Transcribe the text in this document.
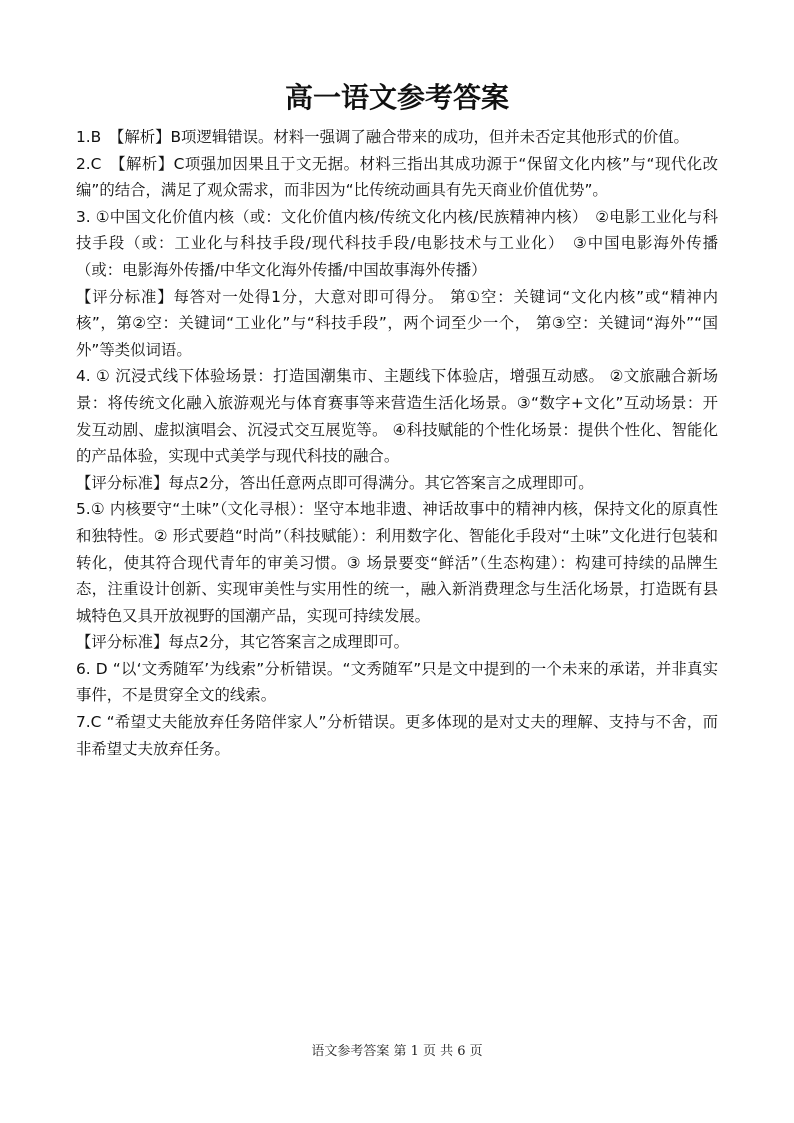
高一语文参考答案

1.B　【解析】B项逻辑错误。材料一强调了融合带来的成功，但并未否定其他形式的价值。

2.C　【解析】C项强加因果且于文无据。材料三指出其成功源于“保留文化内核”与“现代化改编”的结合，满足了观众需求，而非因为“比传统动画具有先天商业价值优势”。

3. ①中国文化价值内核（或：文化价值内核/传统文化内核/民族精神内核）　②电影工业化与科技手段（或：工业化与科技手段/现代科技手段/电影技术与工业化）　③中国电影海外传播（或：电影海外传播/中华文化海外传播/中国故事海外传播）

【评分标准】每答对一处得1分，大意对即可得分。 第①空：关键词“文化内核”或“精神内核”，第②空：关键词“工业化”与“科技手段”，两个词至少一个， 第③空：关键词“海外”“国外”等类似词语。

4. ① 沉浸式线下体验场景：打造国潮集市、主题线下体验店，增强互动感。 ②文旅融合新场景：将传统文化融入旅游观光与体育赛事等来营造生活化场景。③“数字+文化”互动场景：开发互动剧、虚拟演唱会、沉浸式交互展览等。 ④科技赋能的个性化场景：提供个性化、智能化的产品体验，实现中式美学与现代科技的融合。

【评分标准】每点2分，答出任意两点即可得满分。其它答案言之成理即可。

5.① 内核要守“土味”（文化寻根）：坚守本地非遗、神话故事中的精神内核，保持文化的原真性和独特性。② 形式要趋“时尚”（科技赋能）：利用数字化、智能化手段对“土味”文化进行包装和转化，使其符合现代青年的审美习惯。③ 场景要变“鲜活”（生态构建）：构建可持续的品牌生态，注重设计创新、实现审美性与实用性的统一，融入新消费理念与生活化场景，打造既有县城特色又具开放视野的国潮产品，实现可持续发展。

【评分标准】每点2分，其它答案言之成理即可。

6. D “以‘文秀随军’为线索”分析错误。“文秀随军”只是文中提到的一个未来的承诺，并非真实事件，不是贯穿全文的线索。

7.C “希望丈夫能放弃任务陪伴家人”分析错误。更多体现的是对丈夫的理解、支持与不舍，而非希望丈夫放弃任务。

语文参考答案 第 1 页 共 6 页
